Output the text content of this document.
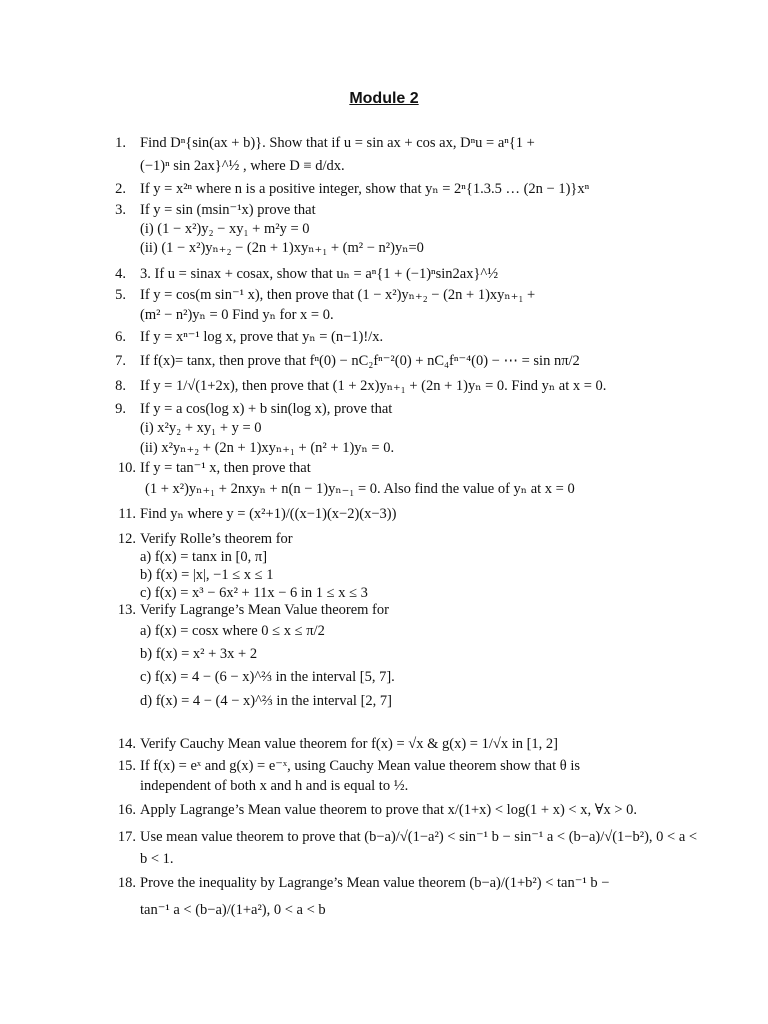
Module 2
1. Find Dⁿ{sin(ax + b)}. Show that if u = sin ax + cos ax, Dⁿu = aⁿ{1 +
(−1)ⁿ sin 2ax}^½ , where D ≡ d/dx.
2. If y = x²ⁿ where n is a positive integer, show that yₙ = 2ⁿ{1.3.5 … (2n − 1)}xⁿ
3. If y = sin (msin⁻¹x) prove that
(i) (1 − x²)y₂ − xy₁ + m²y = 0
(ii) (1 − x²)yₙ₊₂ − (2n + 1)xyₙ₊₁ + (m² − n²)yₙ=0
4. 3. If u = sinax + cosax, show that uₙ = aⁿ{1 + (−1)ⁿsin2ax}^½
5. If y = cos(m sin⁻¹ x), then prove that (1 − x²)yₙ₊₂ − (2n + 1)xyₙ₊₁ +
(m² − n²)yₙ = 0 Find yₙ for x = 0.
6. If y = xⁿ⁻¹ log x, prove that yₙ = (n−1)!/x.
7. If f(x)= tanx, then prove that fⁿ(0) − nC₂fⁿ⁻²(0) + nC₄fⁿ⁻⁴(0) − ⋯ = sin nπ/2
8. If y = 1/√(1+2x), then prove that (1 + 2x)yₙ₊₁ + (2n + 1)yₙ = 0. Find yₙ at x = 0.
9. If y = a cos(log x) + b sin(log x), prove that
(i) x²y₂ + xy₁ + y = 0
(ii) x²yₙ₊₂ + (2n + 1)xyₙ₊₁ + (n² + 1)yₙ = 0.
10. If y = tan⁻¹ x, then prove that
(1 + x²)yₙ₊₁ + 2nxyₙ + n(n − 1)yₙ₋₁ = 0. Also find the value of yₙ at x = 0
11. Find yₙ where y = (x²+1)/((x−1)(x−2)(x−3))
12. Verify Rolle’s theorem for
a) f(x) = tanx in [0, π]
b) f(x) = |x|, −1 ≤ x ≤ 1
c) f(x) = x³ − 6x² + 11x − 6 in 1 ≤ x ≤ 3
13. Verify Lagrange’s Mean Value theorem for
a) f(x) = cosx where 0 ≤ x ≤ π/2
b) f(x) = x² + 3x + 2
c) f(x) = 4 − (6 − x)^⅔ in the interval [5, 7].
d) f(x) = 4 − (4 − x)^⅔ in the interval [2, 7]
14. Verify Cauchy Mean value theorem for f(x) = √x & g(x) = 1/√x in [1, 2]
15. If f(x) = eˣ and g(x) = e⁻ˣ, using Cauchy Mean value theorem show that θ is
independent of both x and h and is equal to ½.
16. Apply Lagrange’s Mean value theorem to prove that x/(1+x) < log(1 + x) < x, ∀x > 0.
17. Use mean value theorem to prove that (b−a)/√(1−a²) < sin⁻¹ b − sin⁻¹ a < (b−a)/√(1−b²), 0 < a <
b < 1.
18. Prove the inequality by Lagrange’s Mean value theorem (b−a)/(1+b²) < tan⁻¹ b −
tan⁻¹ a < (b−a)/(1+a²), 0 < a < b
